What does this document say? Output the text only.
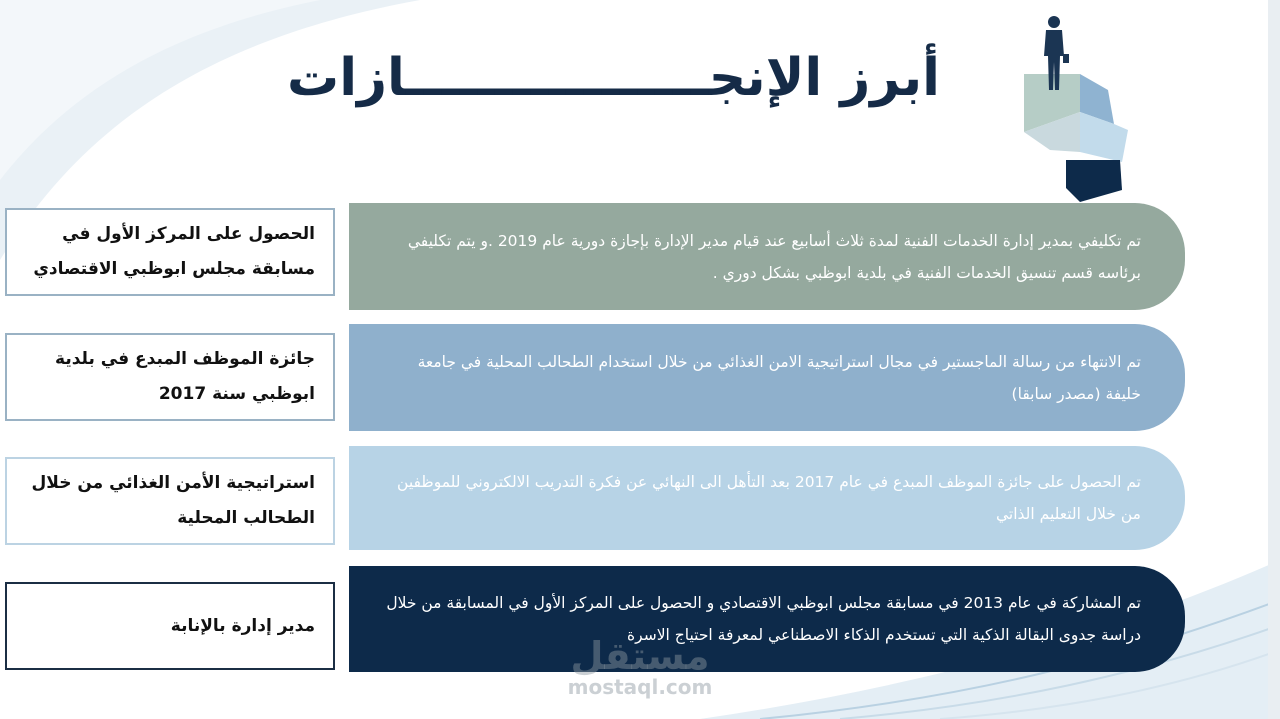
أبرز الإنجـــــــــــــــــازات
الحصول على المركز الأول في مسابقة مجلس ابوظبي الاقتصادي
جائزة الموظف المبدع في بلدية ابوظبي سنة 2017
استراتيجية الأمن الغذائي من خلال الطحالب المحلية
مدير إدارة بالإنابة
تم تكليفي بمدير إدارة الخدمات الفنية لمدة ثلاث أسابيع عند قيام مدير الإدارة بإجازة دورية عام 2019 .و يتم تكليفي برئاسه قسم تنسيق الخدمات الفنية في بلدية ابوظبي بشكل دوري .
تم الانتهاء من رسالة الماجستير في مجال استراتيجية الامن الغذائي من خلال استخدام الطحالب المحلية في جامعة خليفة (مصدر سابقا)
تم الحصول على جائزة الموظف المبدع في عام 2017 بعد التأهل الى النهائي عن فكرة التدريب الالكتروني للموظفين من خلال التعليم الذاتي
تم المشاركة في عام 2013 في مسابقة مجلس ابوظبي الاقتصادي و الحصول على المركز الأول في المسابقة من خلال دراسة جدوى البقالة الذكية التي تستخدم الذكاء الاصطناعي لمعرفة احتياج الاسرة
مستقل
mostaql.com
